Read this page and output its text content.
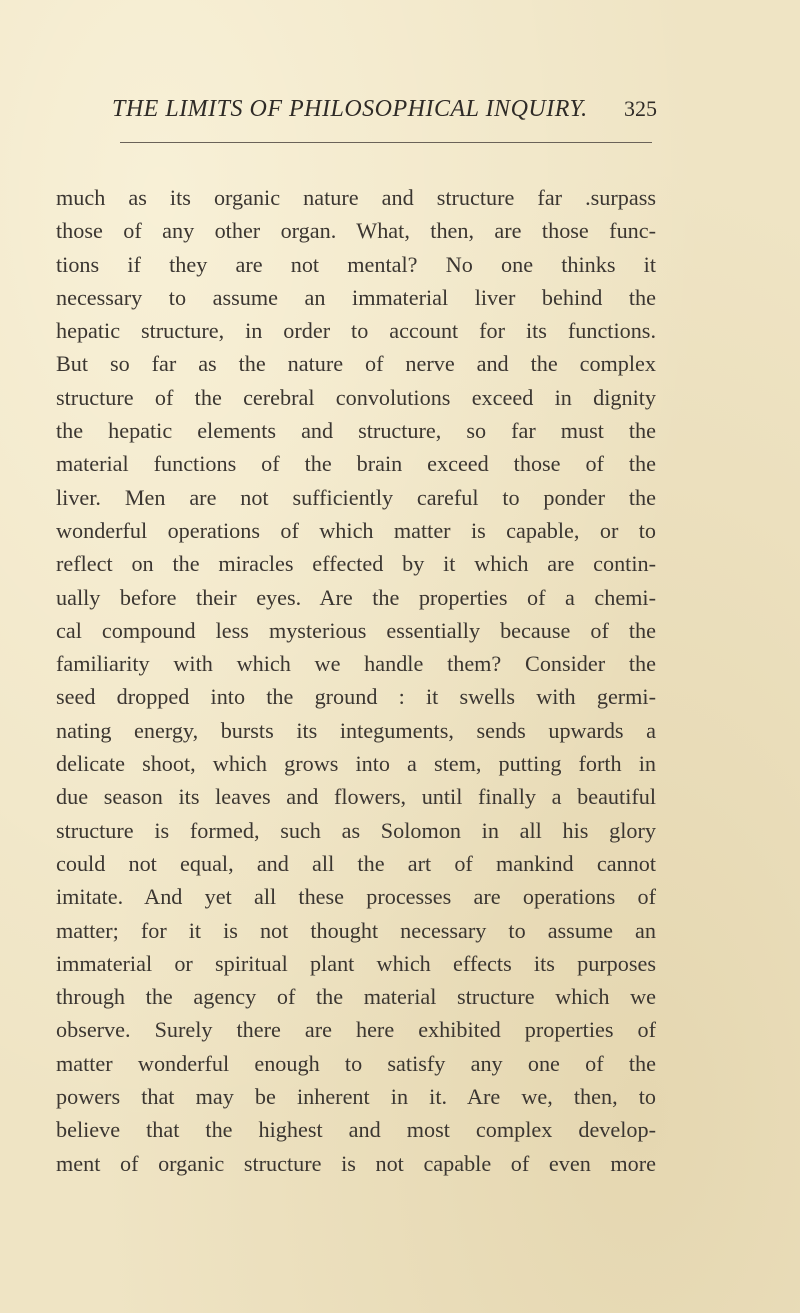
THE LIMITS OF PHILOSOPHICAL INQUIRY. 325
much as its organic nature and structure far .surpass
those of any other organ. What, then, are those func-
tions if they are not mental? No one thinks it
necessary to assume an immaterial liver behind the
hepatic structure, in order to account for its functions.
But so far as the nature of nerve and the complex
structure of the cerebral convolutions exceed in dignity
the hepatic elements and structure, so far must the
material functions of the brain exceed those of the
liver. Men are not sufficiently careful to ponder the
wonderful operations of which matter is capable, or to
reflect on the miracles effected by it which are contin-
ually before their eyes. Are the properties of a chemi-
cal compound less mysterious essentially because of the
familiarity with which we handle them? Consider the
seed dropped into the ground : it swells with germi-
nating energy, bursts its integuments, sends upwards a
delicate shoot, which grows into a stem, putting forth in
due season its leaves and flowers, until finally a beautiful
structure is formed, such as Solomon in all his glory
could not equal, and all the art of mankind cannot
imitate. And yet all these processes are operations of
matter; for it is not thought necessary to assume an
immaterial or spiritual plant which effects its purposes
through the agency of the material structure which we
observe. Surely there are here exhibited properties of
matter wonderful enough to satisfy any one of the
powers that may be inherent in it. Are we, then, to
believe that the highest and most complex develop-
ment of organic structure is not capable of even more
